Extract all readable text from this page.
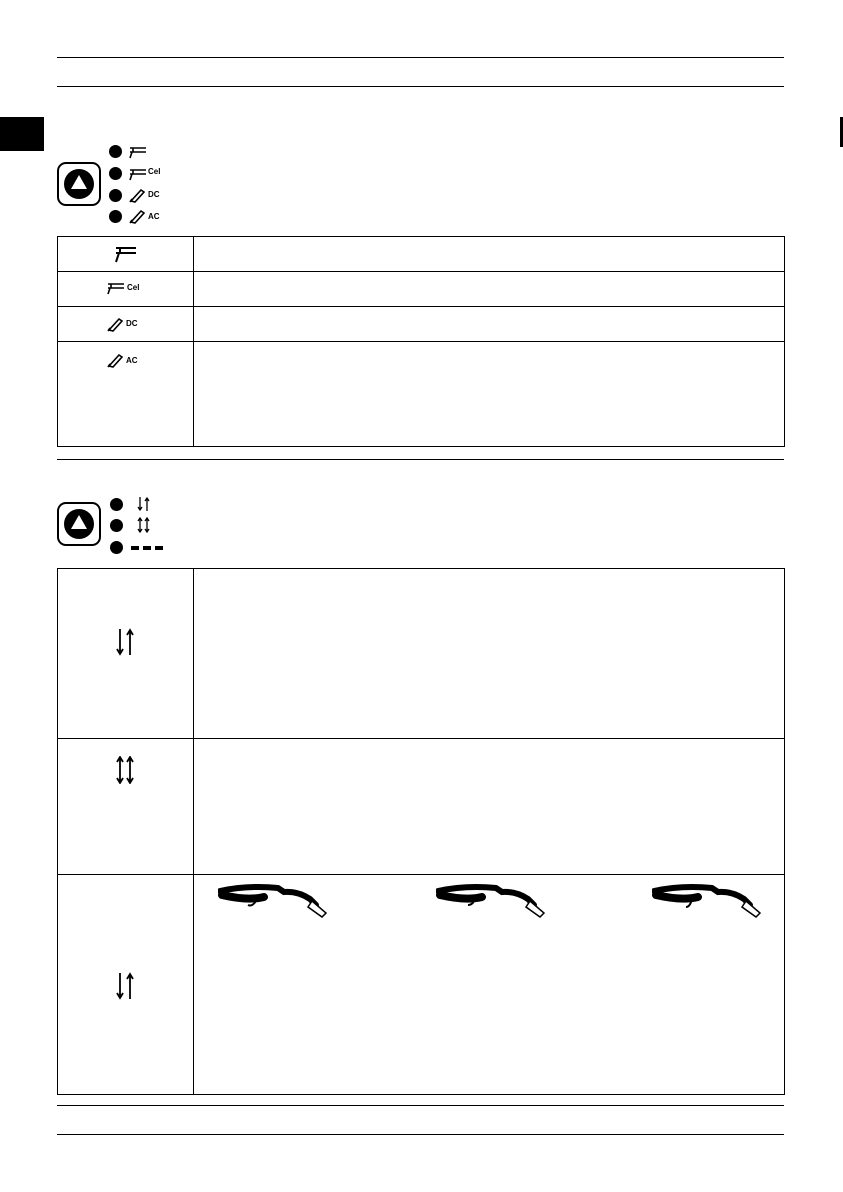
Cel
DC
AC
Cel
DC
AC
